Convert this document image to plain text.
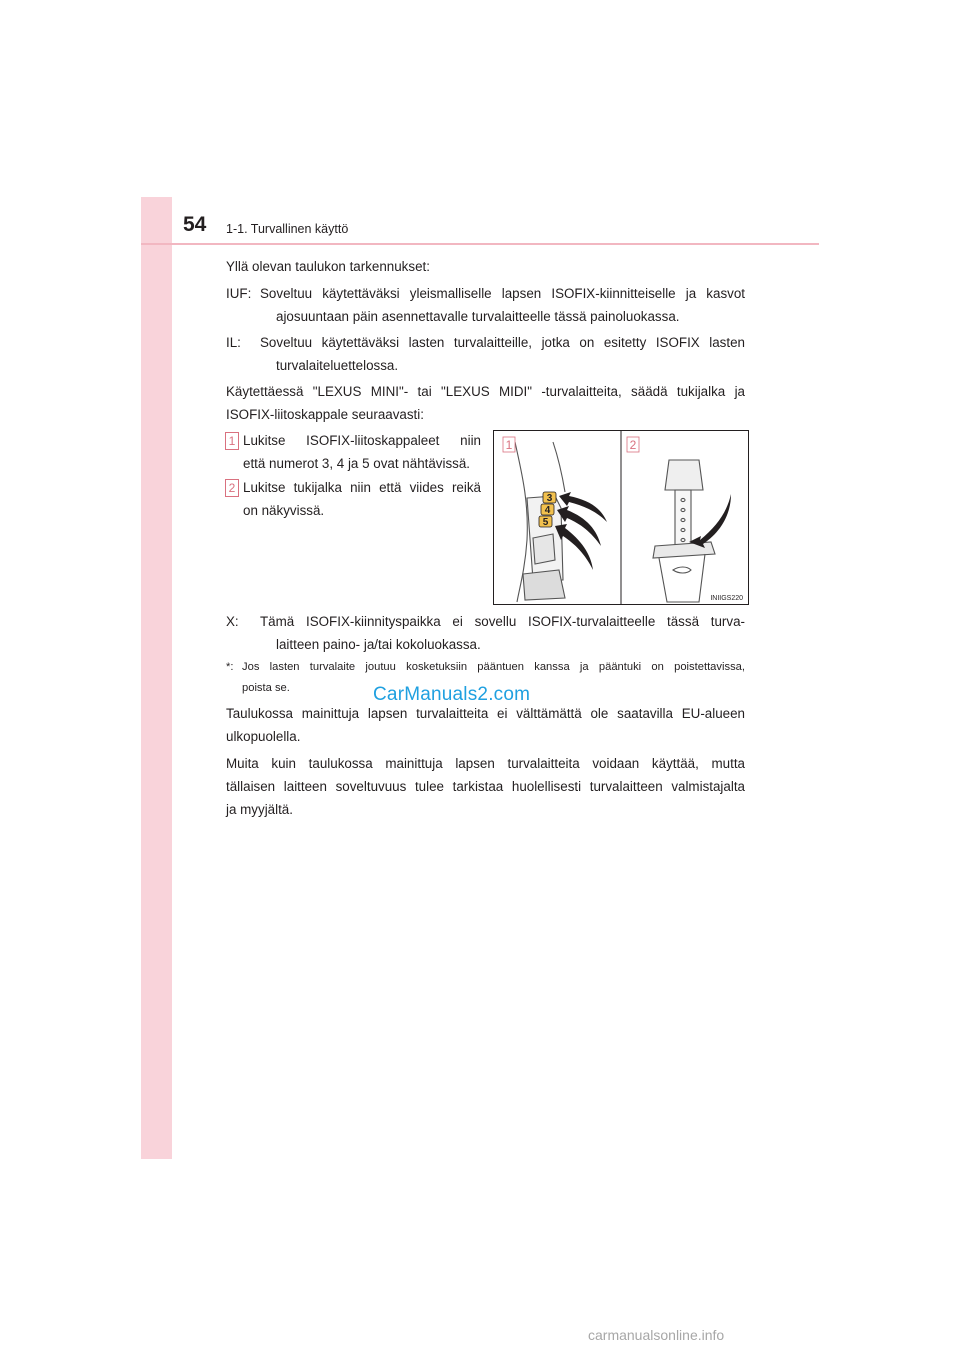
54 1-1. Turvallinen käyttö
Yllä olevan taulukon tarkennukset:
IUF: Soveltuu käytettäväksi yleismalliselle lapsen ISOFIX-kiinnitteiselle ja kasvot
ajosuuntaan päin asennettavalle turvalaitteelle tässä painoluokassa.
IL: Soveltuu käytettäväksi lasten turvalaitteille, jotka on esitetty ISOFIX lasten
turvalaiteluettelossa.
Käytettäessä "LEXUS MINI"- tai "LEXUS MIDI" -turvalaitteita, säädä tukijalka ja
ISOFIX-liitoskappale seuraavasti:
1 Lukitse ISOFIX-liitoskappaleet niin
että numerot 3, 4 ja 5 ovat nähtävissä.
2 Lukitse tukijalka niin että viides reikä
on näkyvissä.
3
4
5
1	2
INIIGS220
X: Tämä ISOFIX-kiinnityspaikka ei sovellu ISOFIX-turvalaitteelle tässä turva-
laitteen paino- ja/tai kokoluokassa.
*: Jos lasten turvalaite joutuu kosketuksiin pääntuen kanssa ja pääntuki on poistettavissa,
poista se.	CarManuals2.com
Taulukossa mainittuja lapsen turvalaitteita ei välttämättä ole saatavilla EU-alueen
ulkopuolella.
Muita kuin taulukossa mainittuja lapsen turvalaitteita voidaan käyttää, mutta
tällaisen laitteen soveltuvuus tulee tarkistaa huolellisesti turvalaitteen valmistajalta
ja myyjältä.
carmanualsonline.info
